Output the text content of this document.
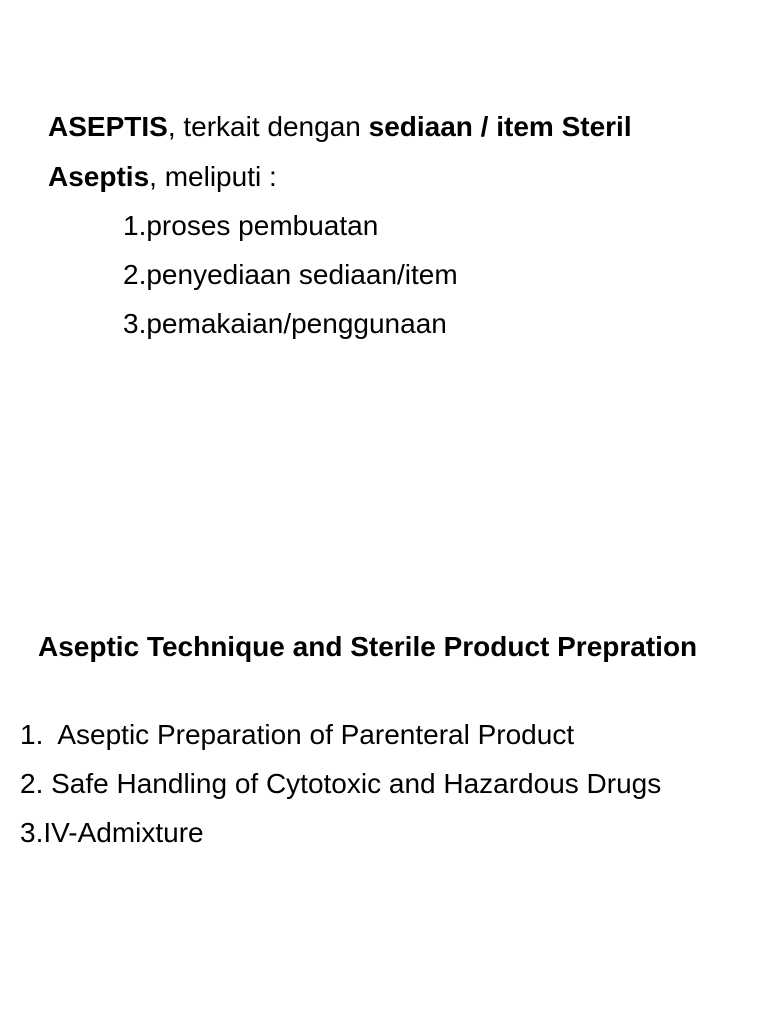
ASEPTIS, terkait dengan sediaan / item Steril
Aseptis, meliputi :
1.proses pembuatan
2.penyediaan sediaan/item
3.pemakaian/penggunaan
Aseptic Technique and Sterile Product Prepration
1.  Aseptic Preparation of Parenteral Product
2. Safe Handling of Cytotoxic and Hazardous Drugs
3.IV-Admixture
